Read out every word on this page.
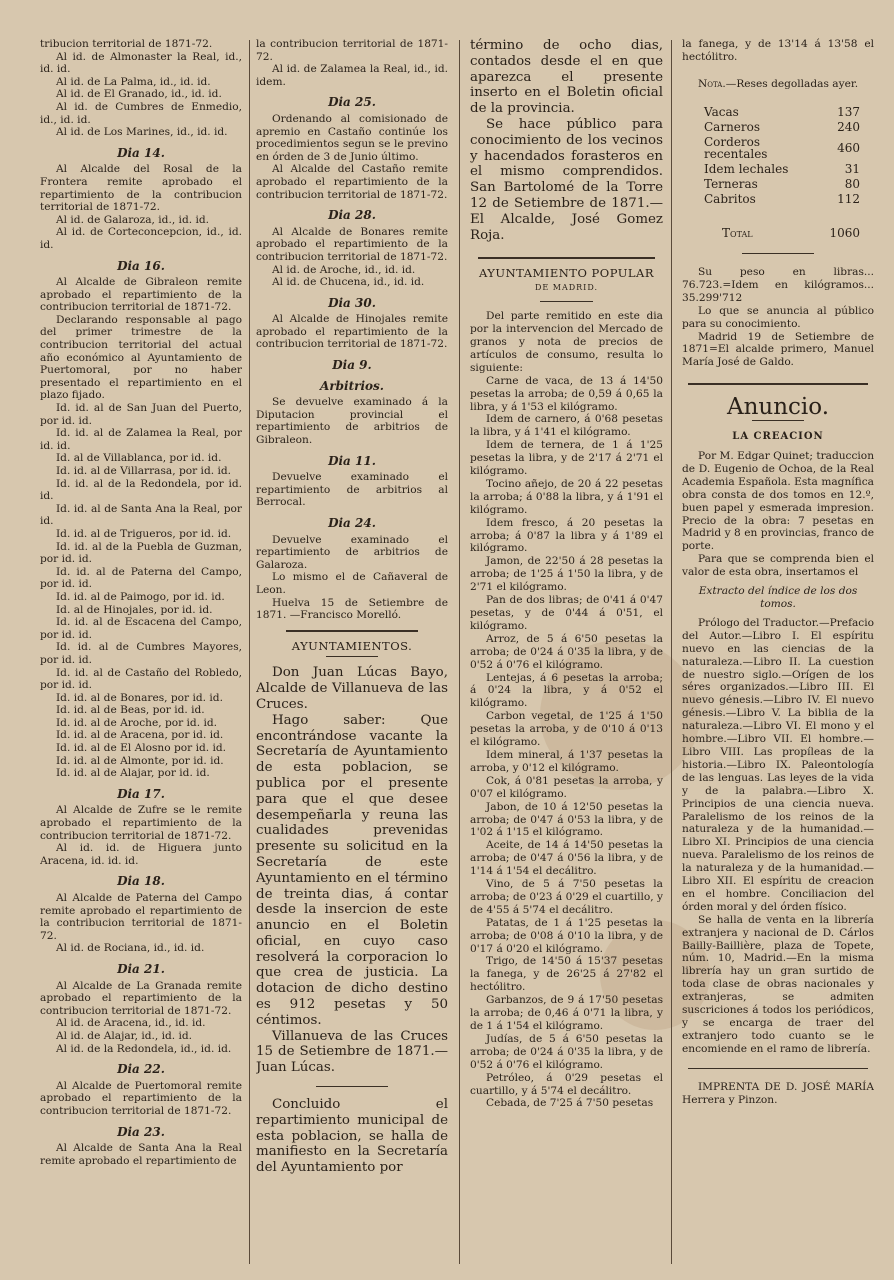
tribucion territorial de 1871-72.

Al id. de Almonaster la Real, id., id. id.

Al id. de La Palma, id., id. id.

Al id. de El Granado, id., id. id.

Al id. de Cumbres de Enmedio, id., id. id.

Al id. de Los Marines, id., id. id.

Dia 14.

Al Alcalde del Rosal de la Frontera remite aprobado el repartimiento de la contribucion territorial de 1871-72.

Al id. de Galaroza, id., id. id.

Al id. de Corteconcepcion, id., id. id.

Dia 16.

Al Alcalde de Gibraleon remite aprobado el repartimiento de la contribucion territorial de 1871-72.

Declarando responsable al pago del primer trimestre de la contribucion territorial del actual año económico al Ayuntamiento de Puertomoral, por no haber presentado el repartimiento en el plazo fijado.

Id. id. al de San Juan del Puerto, por id. id.

Id. id. al de Zalamea la Real, por id. id.

Id. al de Villablanca, por id. id.

Id. id. al de Villarrasa, por id. id.

Id. id. al de la Redondela, por id. id.

Id. id. al de Santa Ana la Real, por id.

Id. id. al de Trigueros, por id. id.

Id. id. al de la Puebla de Guzman, por id. id.

Id. id. al de Paterna del Campo, por id. id.

Id. id. al de Paimogo, por id. id.

Id. al de Hinojales, por id. id.

Id. id. al de Escacena del Campo, por id. id.

Id. id. al de Cumbres Mayores, por id. id.

Id. id. al de Castaño del Robledo, por id. id.

Id. id. al de Bonares, por id. id.

Id. id. al de Beas, por id. id.

Id. id. al de Aroche, por id. id.

Id. id. al de Aracena, por id. id.

Id. id. al de El Alosno por id. id.

Id. id. al de Almonte, por id. id.

Id. id. al de Alajar, por id. id.

Dia 17.

Al Alcalde de Zufre se le remite aprobado el repartimiento de la contribucion territorial de 1871-72.

Al id. id. de Higuera junto Aracena, id. id. id.

Dia 18.

Al Alcalde de Paterna del Campo remite aprobado el repartimiento de la contribucion territorial de 1871-72.

Al id. de Rociana, id., id. id.

Dia 21.

Al Alcalde de La Granada remite aprobado el repartimiento de la contribucion territorial de 1871-72.

Al id. de Aracena, id., id. id.

Al id. de Alajar, id., id. id.

Al id. de la Redondela, id., id. id.

Dia 22.

Al Alcalde de Puertomoral remite aprobado el repartimiento de la contribucion territorial de 1871-72.

Dia 23.

Al Alcalde de Santa Ana la Real remite aprobado el repartimiento de

la contribucion territorial de 1871-72.

Al id. de Zalamea la Real, id., id. idem.

Dia 25.

Ordenando al comisionado de apremio en Castaño continúe los procedimientos segun se le previno en órden de 3 de Junio último.

Al Alcalde del Castaño remite aprobado el repartimiento de la contribucion territorial de 1871-72.

Dia 28.

Al Alcalde de Bonares remite aprobado el repartimiento de la contribucion territorial de 1871-72.

Al id. de Aroche, id., id. id.

Al id. de Chucena, id., id. id.

Dia 30.

Al Alcalde de Hinojales remite aprobado el repartimiento de la contribucion territorial de 1871-72.

Dia 9.
Arbitrios.

Se devuelve examinado á la Diputacion provincial el repartimiento de arbitrios de Gibraleon.

Dia 11.

Devuelve examinado el repartimiento de arbitrios al Berrocal.

Dia 24.

Devuelve examinado el repartimiento de arbitrios de Galaroza.

Lo mismo el de Cañaveral de Leon.

Huelva 15 de Setiembre de 1871. —Francisco Morelló.

AYUNTAMIENTOS.

Don Juan Lúcas Bayo, Alcalde de Villanueva de las Cruces.

Hago saber: Que encontrándose vacante la Secretaría de Ayuntamiento de esta poblacion, se publica por el presente para que el que desee desempeñarla y reuna las cualidades prevenidas presente su solicitud en la Secretaría de este Ayuntamiento en el término de treinta dias, á contar desde la insercion de este anuncio en el Boletin oficial, en cuyo caso resolverá la corporacion lo que crea de justicia. La dotacion de dicho destino es 912 pesetas y 50 céntimos.

Villanueva de las Cruces 15 de Setiembre de 1871.—Juan Lúcas.

Concluido el repartimiento municipal de esta poblacion, se halla de manifiesto en la Secretaría del Ayuntamiento por

término de ocho dias, contados desde el en que aparezca el presente inserto en el Boletin oficial de la provincia.

Se hace público para conocimiento de los vecinos y hacendados forasteros en el mismo comprendidos. San Bartolomé de la Torre 12 de Setiembre de 1871.—El Alcalde, José Gomez Roja.

AYUNTAMIENTO POPULAR
DE MADRID.

Del parte remitido en este dia por la intervencion del Mercado de granos y nota de precios de artículos de consumo, resulta lo siguiente:

Carne de vaca, de 13 á 14'50 pesetas la arroba; de 0,59 á 0,65 la libra, y á 1'53 el kilógramo.

Idem de carnero, á 0'68 pesetas la libra, y á 1'41 el kilógramo.

Idem de ternera, de 1 á 1'25 pesetas la libra, y de 2'17 á 2'71 el kilógramo.

Tocino añejo, de 20 á 22 pesetas la arroba; á 0'88 la libra, y á 1'91 el kilógramo.

Idem fresco, á 20 pesetas la arroba; á 0'87 la libra y á 1'89 el kilógramo.

Jamon, de 22'50 á 28 pesetas la arroba; de 1'25 á 1'50 la libra, y de 2'71 el kilógramo.

Pan de dos libras; de 0'41 á 0'47 pesetas, y de 0'44 á 0'51, el kilógramo.

Arroz, de 5 á 6'50 pesetas la arroba; de 0'24 á 0'35 la libra, y de 0'52 á 0'76 el kilógramo.

Lentejas, á 6 pesetas la arroba; á 0'24 la libra, y á 0'52 el kilógramo.

Carbon vegetal, de 1'25 á 1'50 pesetas la arroba, y de 0'10 á 0'13 el kilógramo.

Idem mineral, á 1'37 pesetas la arroba, y 0'12 el kilógramo.

Cok, á 0'81 pesetas la arroba, y 0'07 el kilógramo.

Jabon, de 10 á 12'50 pesetas la arroba; de 0'47 á 0'53 la libra, y de 1'02 á 1'15 el kilógramo.

Aceite, de 14 á 14'50 pesetas la arroba; de 0'47 á 0'56 la libra, y de 1'14 á 1'54 el decálitro.

Vino, de 5 á 7'50 pesetas la arroba; de 0'23 á 0'29 el cuartillo, y de 4'55 á 5'74 el decálitro.

Patatas, de 1 á 1'25 pesetas la arroba; de 0'08 á 0'10 la libra, y de 0'17 á 0'20 el kilógramo.

Trigo, de 14'50 á 15'37 pesetas la fanega, y de 26'25 á 27'82 el hectólitro.

Garbanzos, de 9 á 17'50 pesetas la arroba; de 0,46 á 0'71 la libra, y de 1 á 1'54 el kilógramo.

Judías, de 5 á 6'50 pesetas la arroba; de 0'24 á 0'35 la libra, y de 0'52 á 0'76 el kilógramo.

Petróleo, á 0'29 pesetas el cuartillo, y á 5'74 el decálitro.

Cebada, de 7'25 á 7'50 pesetas

la fanega, y de 13'14 á 13'58 el hectólitro.

Nota.—Reses degolladas ayer.

Vacas	137
Carneros	240
Corderos recentales	460
Idem lechales	31
Terneras	80
Cabritos	112

Total	1060

Su peso en libras... 76.723.=Idem en kilógramos... 35.299'712

Lo que se anuncia al público para su conocimiento.

Madrid 19 de Setiembre de 1871=El alcalde primero, Manuel María José de Galdo.

Anuncio.
LA CREACION

Por M. Edgar Quinet; traduccion de D. Eugenio de Ochoa, de la Real Academia Española. Esta magnífica obra consta de dos tomos en 12.º, buen papel y esmerada impresion. Precio de la obra: 7 pesetas en Madrid y 8 en provincias, franco de porte.

Para que se comprenda bien el valor de esta obra, insertamos el

Extracto del índice de los dos tomos.

Prólogo del Traductor.—Prefacio del Autor.—Libro I. El espíritu nuevo en las ciencias de la naturaleza.—Libro II. La cuestion de nuestro siglo.—Orígen de los séres organizados.—Libro III. El nuevo génesis.—Libro IV. El nuevo génesis.—Libro V. La biblia de la naturaleza.—Libro VI. El mono y el hombre.—Libro VII. El hombre.—Libro VIII. Las propíleas de la historia.—Libro IX. Paleontología de las lenguas. Las leyes de la vida y de la palabra.—Libro X. Principios de una ciencia nueva. Paralelismo de los reinos de la naturaleza y de la humanidad.—Libro XI. Principios de una ciencia nueva. Paralelismo de los reinos de la naturaleza y de la humanidad.—Libro XII. El espíritu de creacion en el hombre. Conciliacion del órden moral y del órden físico.

Se halla de venta en la librería extranjera y nacional de D. Cárlos Bailly-Baillière, plaza de Topete, núm. 10, Madrid.—En la misma librería hay un gran surtido de toda clase de obras nacionales y extranjeras, se admiten suscriciones á todos los periódicos, y se encarga de traer del extranjero todo cuanto se le encomiende en el ramo de librería.

IMPRENTA DE D. JOSÉ MARÍA Herrera y Pinzon.
